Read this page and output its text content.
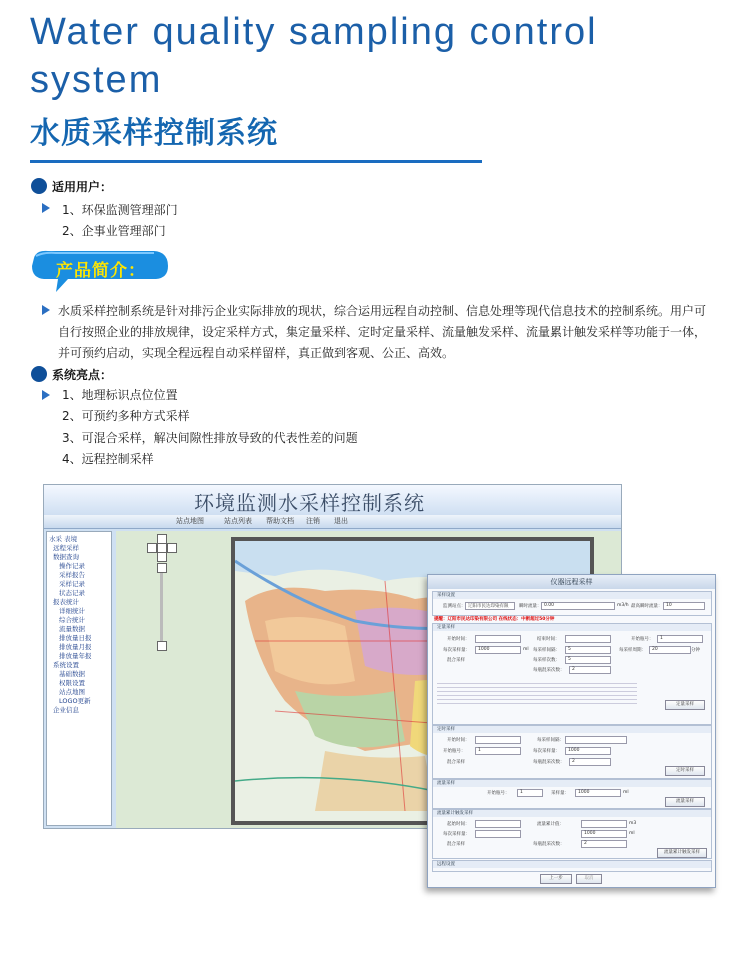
Water quality sampling control system
水质采样控制系统
适用用户：
1、环保监测管理部门
2、企事业管理部门
产品简介：
水质采样控制系统是针对排污企业实际排放的现状，综合运用远程自动控制、信息处理等现代信息技术的控制系统。用户可自行按照企业的排放规律，设定采样方式，集定量采样、定时定量采样、流量触发采样、流量累计触发采样等功能于一体，并可预约启动，实现全程远程自动采样留样，真正做到客观、公正、高效。
系统亮点：
1、地理标识点位位置
2、可预约多种方式采样
3、可混合采样，解决间隙性排放导致的代表性差的问题
4、远程控制采样
环境监测水采样控制系统
站点地图	站点列表 帮助文档 注销 退出
水采 表境
远程采样
数据查询
操作记录
采样报告
采样记录
状态记录
报表统计
详细统计
综合统计
流量数据
排放量日报
排放量月报
排放量年报
系统设置
基础数据
权限设置
站点地图
LOGO更新
企业信息
仪器远程采样
采样设置
监测站点： 辽阳市民达印染有限 瞬时流量： 0.00	m3/h 最高瞬时流量： 10
提醒：辽阳市民达印染有限公司 在线状态：中断超过50分钟
定量采样
开始时间：	结束时间：	开始瓶号： 1
每次采样量： 1000	ml 每采样间隔： 5	每采样周期： 20	分钟
混合采样	每采样次数： 5
每瓶混采次数： 2
定量采样
定时采样
开始时间：	每采样间隔：
开始瓶号：	1	每次采样量： 1000
混合采样	每瓶混采次数： 2
定时采样
流量采样
开始瓶号： 1	采样量： 1000	ml
流量采样
流量累计触发采样
起始时间：	流量累计值：	m3
每次采样量：	1000	ml
混合采样	每瓶混采次数：	2
流量累计触发采样
远程设置
上一步	取消
